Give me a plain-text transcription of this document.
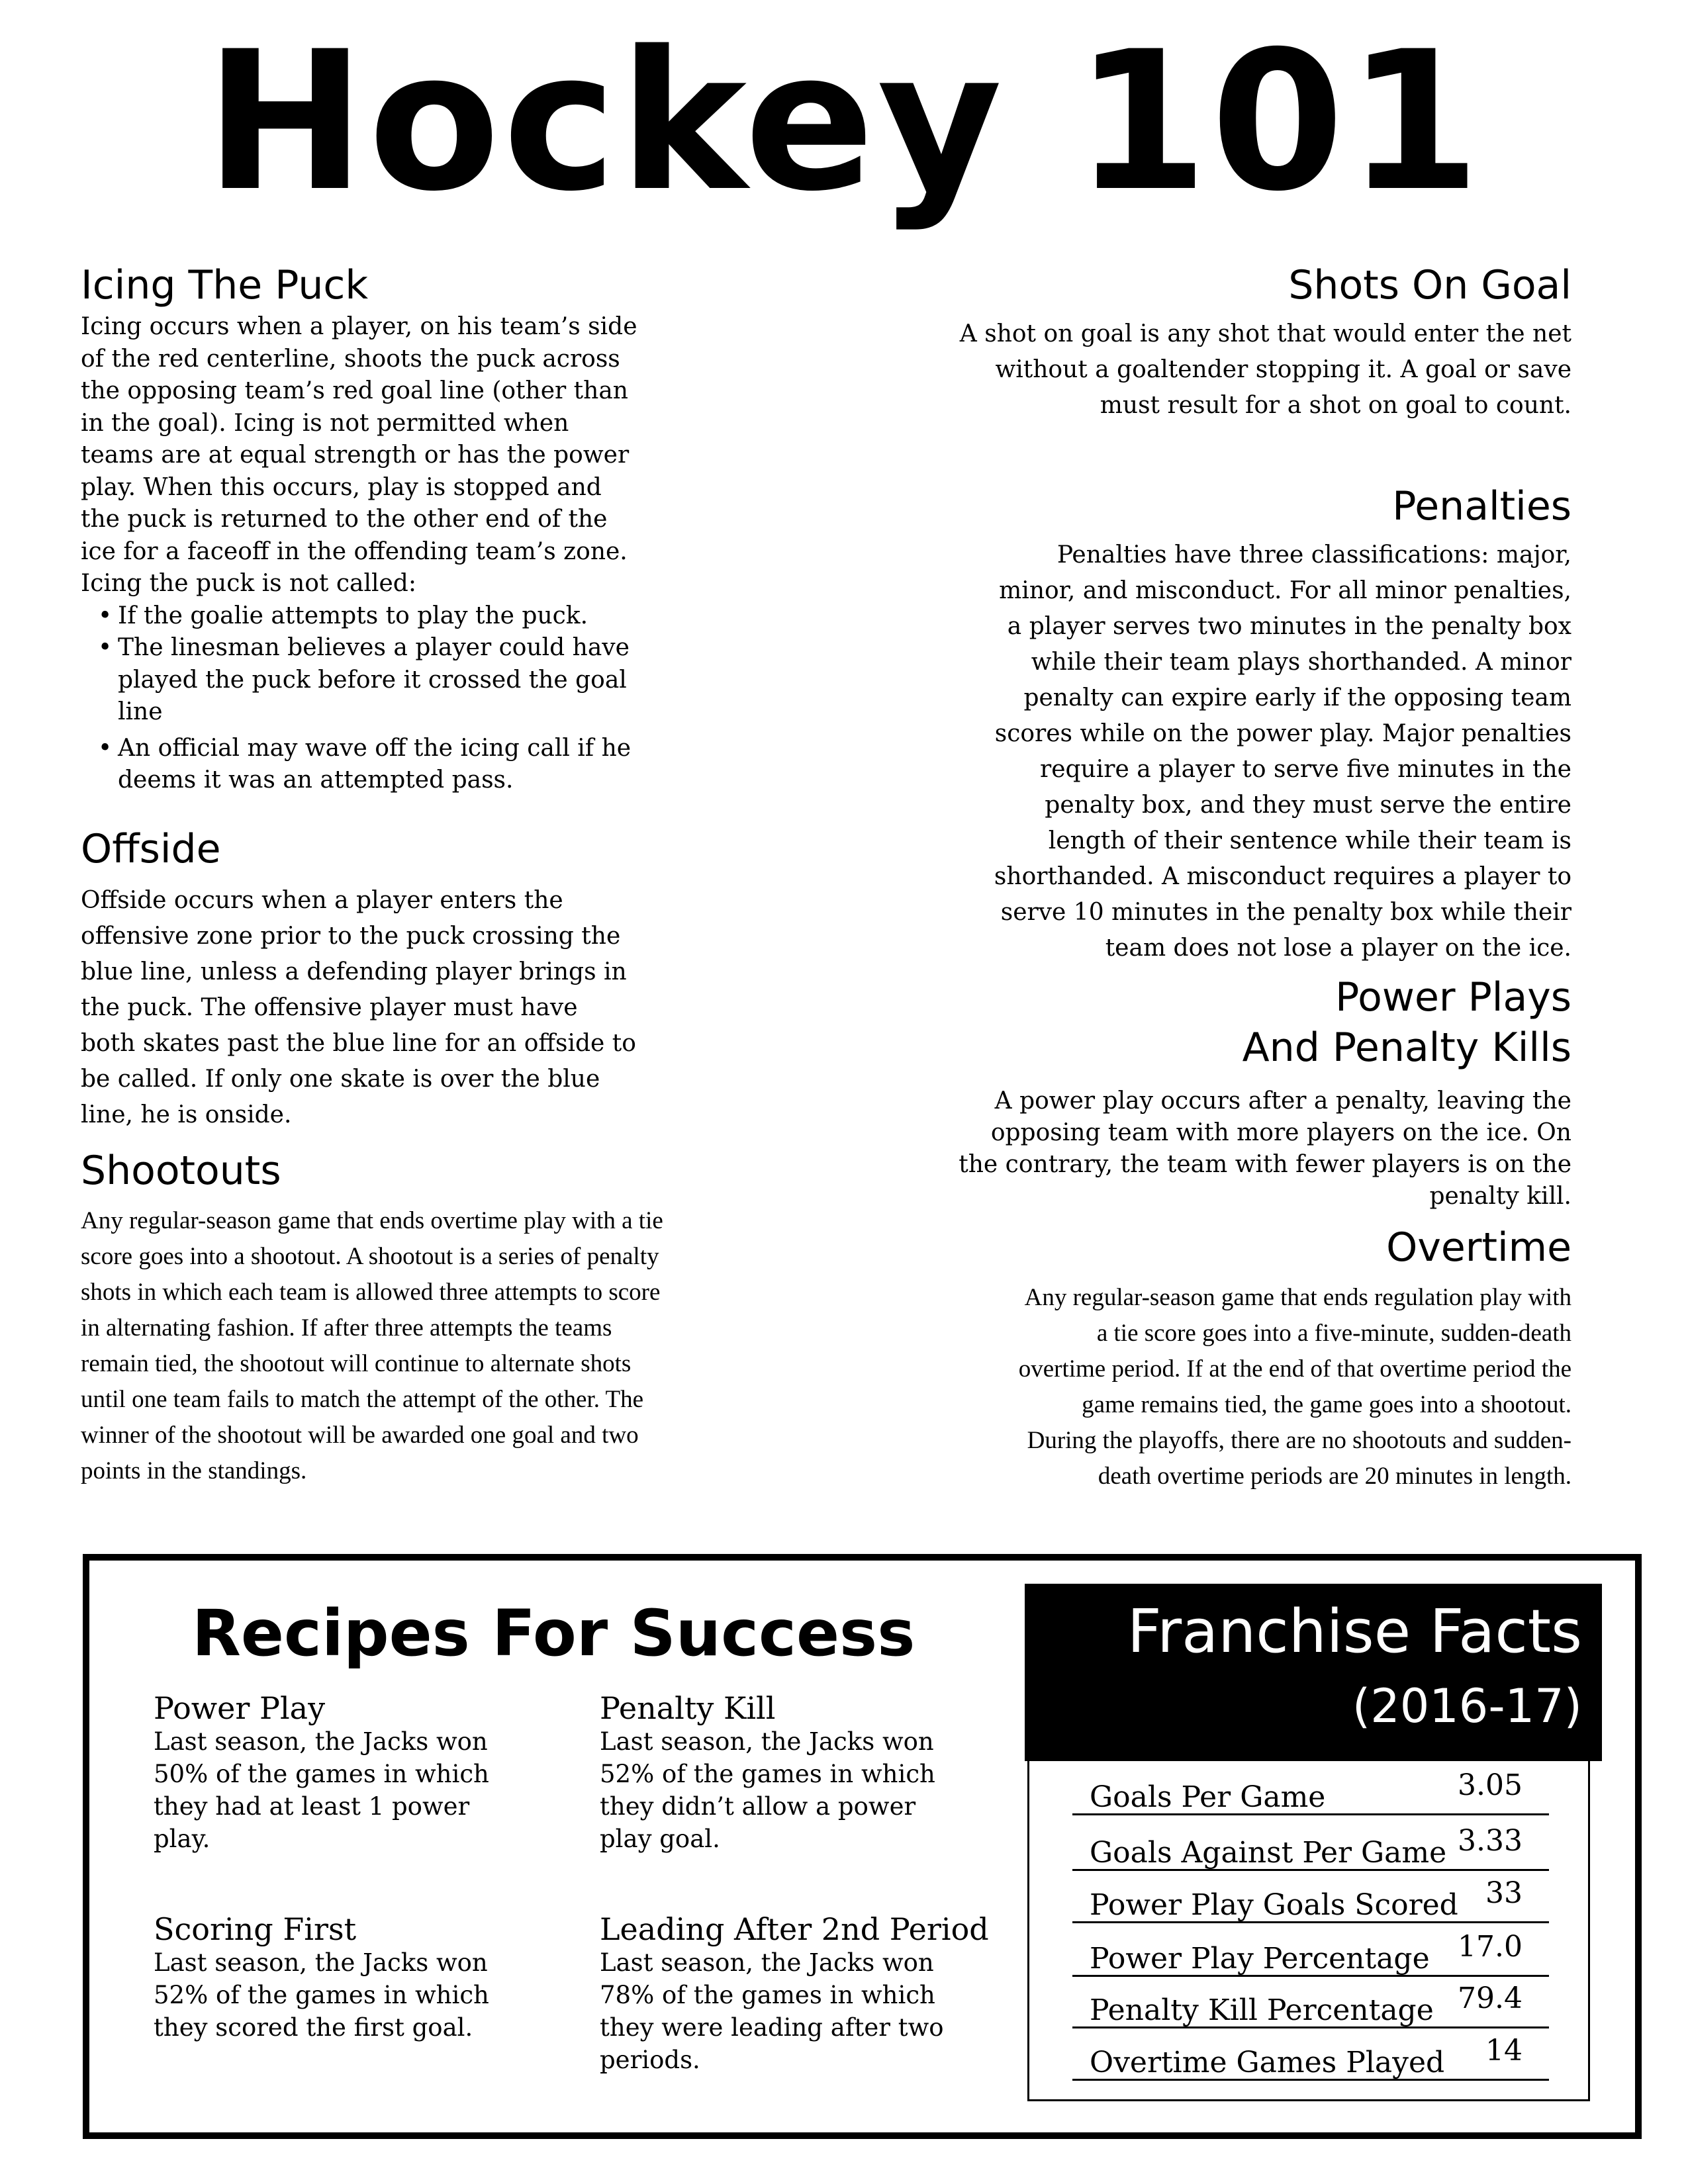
Hockey 101
Icing The Puck

Icing occurs when a player, on his team’s side of the red centerline, shoots the puck across the opposing team’s red goal line (other than in the goal). Icing is not permitted when teams are at equal strength or has the power play. When this occurs, play is stopped and the puck is returned to the other end of the ice for a faceoff in the offending team’s zone. Icing the puck is not called:

• If the goalie attempts to play the puck.
• The linesman believes a player could have played the puck before it crossed the goal line
• An official may wave off the icing call if he deems it was an attempted pass.
Offside

Offside occurs when a player enters the offensive zone prior to the puck crossing the blue line, unless a defending player brings in the puck. The offensive player must have both skates past the blue line for an offside to be called. If only one skate is over the blue line, he is onside.

Shootouts

Any regular-season game that ends overtime play with a tie score goes into a shootout. A shootout is a series of penalty shots in which each team is allowed three attempts to score in alternating fashion. If after three attempts the teams remain tied, the shootout will continue to alternate shots until one team fails to match the attempt of the other. The winner of the shootout will be awarded one goal and two points in the standings.

Shots On Goal

A shot on goal is any shot that would enter the net without a goaltender stopping it. A goal or save must result for a shot on goal to count.

Penalties

Penalties have three classifications: major, minor, and misconduct. For all minor penalties, a player serves two minutes in the penalty box while their team plays shorthanded. A minor penalty can expire early if the opposing team scores while on the power play. Major penalties require a player to serve five minutes in the penalty box, and they must serve the entire length of their sentence while their team is shorthanded. A misconduct requires a player to serve 10 minutes in the penalty box while their team does not lose a player on the ice.

Power Plays
And Penalty Kills

A power play occurs after a penalty, leaving the opposing team with more players on the ice. On the contrary, the team with fewer players is on the penalty kill.

Overtime

Any regular-season game that ends regulation play with a tie score goes into a five-minute, sudden-death overtime period. If at the end of that overtime period the game remains tied, the game goes into a shootout. During the playoffs, there are no shootouts and sudden-death overtime periods are 20 minutes in length.

Recipes For Success
Power Play
Last season, the Jacks won 50% of the games in which they had at least 1 power play.
Penalty Kill
Last season, the Jacks won 52% of the games in which they didn’t allow a power play goal.
Scoring First
Last season, the Jacks won 52% of the games in which they scored the first goal.
Leading After 2nd Period
Last season, the Jacks won 78% of the games in which they were leading after two periods.
Franchise Facts
(2016-17)
Goals Per Game	3.05
Goals Against Per Game 3.33
Power Play Goals Scored 33
Power Play Percentage 17.0
Penalty Kill Percentage 79.4
Overtime Games Played 14
